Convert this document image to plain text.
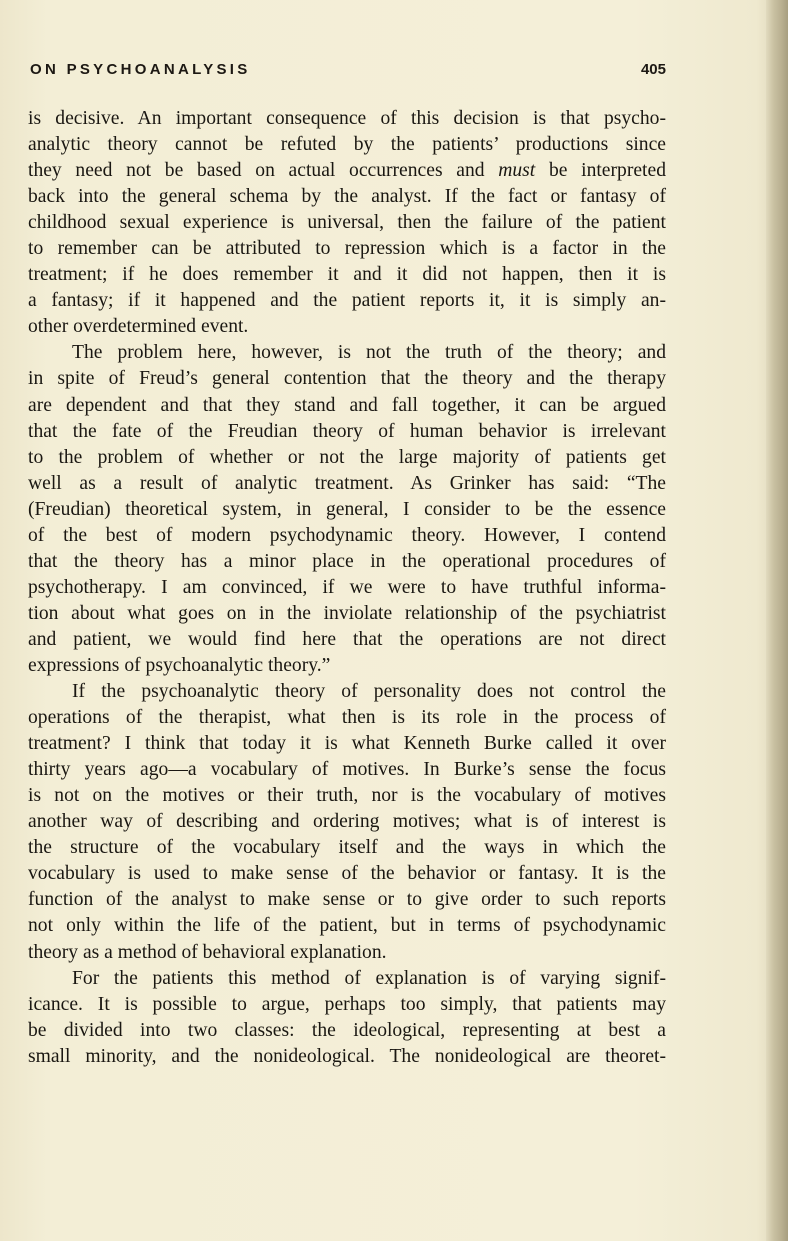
ON PSYCHOANALYSIS	405
is decisive. An important consequence of this decision is that psycho-
analytic theory cannot be refuted by the patients’ productions since
they need not be based on actual occurrences and must be interpreted
back into the general schema by the analyst. If the fact or fantasy of
childhood sexual experience is universal, then the failure of the patient
to remember can be attributed to repression which is a factor in the
treatment; if he does remember it and it did not happen, then it is
a fantasy; if it happened and the patient reports it, it is simply an-
other overdetermined event.
The problem here, however, is not the truth of the theory; and
in spite of Freud’s general contention that the theory and the therapy
are dependent and that they stand and fall together, it can be argued
that the fate of the Freudian theory of human behavior is irrelevant
to the problem of whether or not the large majority of patients get
well as a result of analytic treatment. As Grinker has said: “The
(Freudian) theoretical system, in general, I consider to be the essence
of the best of modern psychodynamic theory. However, I contend
that the theory has a minor place in the operational procedures of
psychotherapy. I am convinced, if we were to have truthful informa-
tion about what goes on in the inviolate relationship of the psychiatrist
and patient, we would find here that the operations are not direct
expressions of psychoanalytic theory.”
If the psychoanalytic theory of personality does not control the
operations of the therapist, what then is its role in the process of
treatment? I think that today it is what Kenneth Burke called it over
thirty years ago—a vocabulary of motives. In Burke’s sense the focus
is not on the motives or their truth, nor is the vocabulary of motives
another way of describing and ordering motives; what is of interest is
the structure of the vocabulary itself and the ways in which the
vocabulary is used to make sense of the behavior or fantasy. It is the
function of the analyst to make sense or to give order to such reports
not only within the life of the patient, but in terms of psychodynamic
theory as a method of behavioral explanation.
For the patients this method of explanation is of varying signif-
icance. It is possible to argue, perhaps too simply, that patients may
be divided into two classes: the ideological, representing at best a
small minority, and the nonideological. The nonideological are theoret-
